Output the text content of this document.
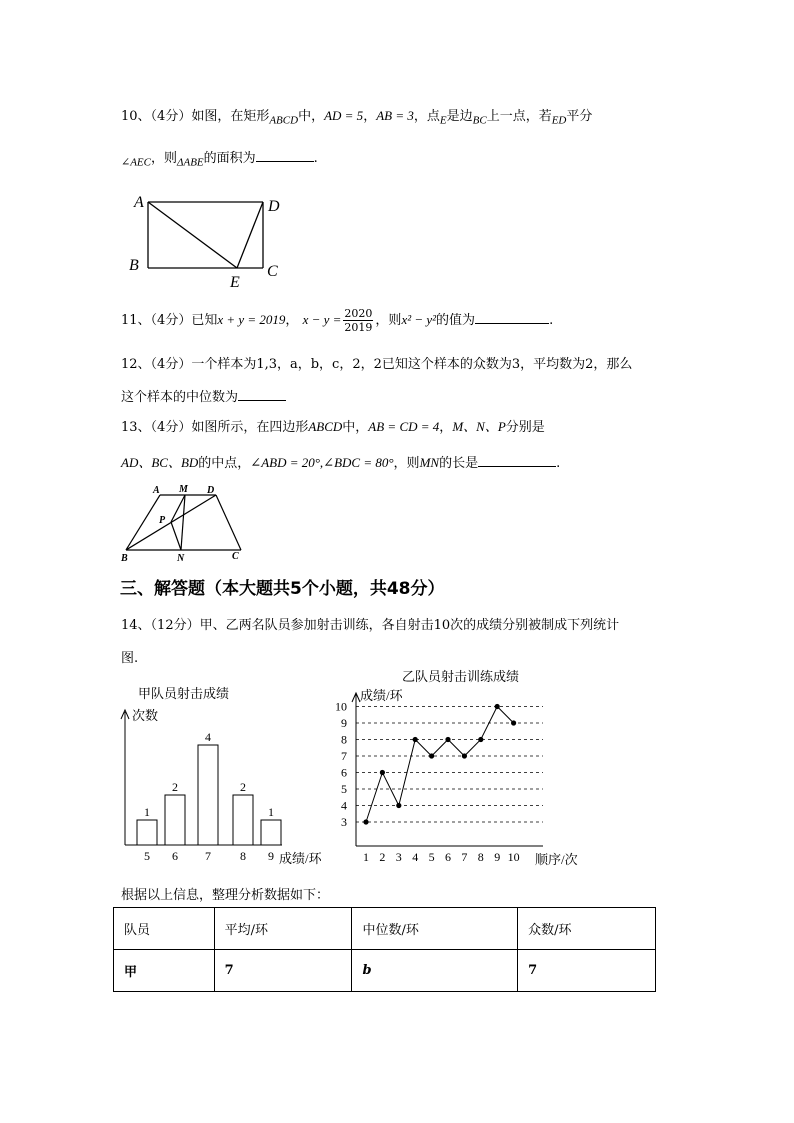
10、（4分）如图，在矩形$_{ABCD}$中，AD = 5，AB = 3，点$_E$是边$_{BC}$上一点，若$_{ED}$平分
$_{\angle AEC}$，则$_{\Delta ABE}$的面积为	.
A	D
B	C
E
11、（4分）已知x + y = 2019， $x - y = \frac{2020}{2019}$ ，则x² − y²的值为	.
12、（4分）一个样本为1,3，a，b，c，2，2已知这个样本的众数为3，平均数为2，那么
这个样本的中位数为
13、（4分）如图所示，在四边形ABCD中，AB = CD = 4，M、N、P分别是
AD、BC、BD的中点，∠ABD = 20°,∠BDC = 80°，则MN的长是	.
A M D
P
B	N	C
三、解答题（本大题共5个小题，共48分）
14、（12分）甲、乙两名队员参加射击训练，各自射击10次的成绩分别被制成下列统计
图.
甲队员射击成绩
次数
成绩/环
1
5
2
6
4
7
2
8
1
9
乙队员射击训练成绩
成绩/环
顺序/次
3
4
5
6
7
8
9
10
1 2 3 4 5 6 7 8 9 10
根据以上信息，整理分析数据如下：
队员	平均/环	中位数/环	众数/环
甲	7	b	7
